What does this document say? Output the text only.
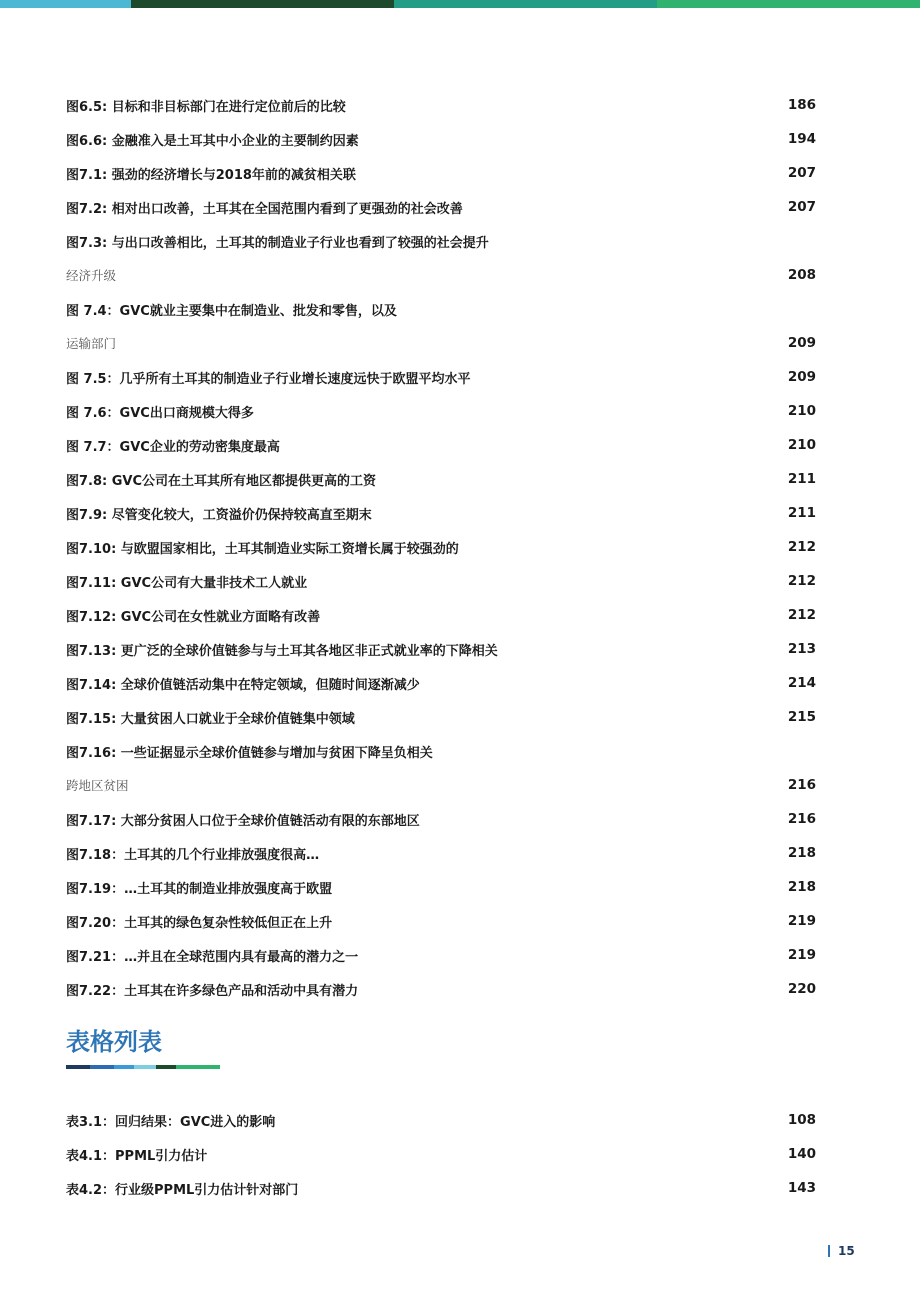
图6.5: 目标和非目标部门在进行定位前后的比较	186
图6.6: 金融准入是土耳其中小企业的主要制约因素	194
图7.1: 强劲的经济增长与2018年前的减贫相关联	207
图7.2: 相对出口改善，土耳其在全国范围内看到了更强劲的社会改善	207
图7.3: 与出口改善相比，土耳其的制造业子行业也看到了较强的社会提升
经济升级	208
图 7.4：GVC就业主要集中在制造业、批发和零售，以及
运输部门	209
图 7.5：几乎所有土耳其的制造业子行业增长速度远快于欧盟平均水平	209
图 7.6：GVC出口商规模大得多	210
图 7.7：GVC企业的劳动密集度最高	210
图7.8: GVC公司在土耳其所有地区都提供更高的工资	211
图7.9: 尽管变化较大，工资溢价仍保持较高直至期末	211
图7.10: 与欧盟国家相比，土耳其制造业实际工资增长属于较强劲的	212
图7.11: GVC公司有大量非技术工人就业	212
图7.12: GVC公司在女性就业方面略有改善	212
图7.13: 更广泛的全球价值链参与与土耳其各地区非正式就业率的下降相关	213
图7.14: 全球价值链活动集中在特定领域，但随时间逐渐减少	214
图7.15: 大量贫困人口就业于全球价值链集中领域	215
图7.16: 一些证据显示全球价值链参与增加与贫困下降呈负相关
跨地区贫困	216
图7.17: 大部分贫困人口位于全球价值链活动有限的东部地区	216
图7.18：土耳其的几个行业排放强度很高…	218
图7.19：…土耳其的制造业排放强度高于欧盟	218
图7.20：土耳其的绿色复杂性较低但正在上升	219
图7.21：…并且在全球范围内具有最高的潜力之一	219
图7.22：土耳其在许多绿色产品和活动中具有潜力	220
表格列表
表3.1：回归结果：GVC进入的影响	108
表4.1：PPML引力估计	140
表4.2：行业级PPML引力估计针对部门	143
15
